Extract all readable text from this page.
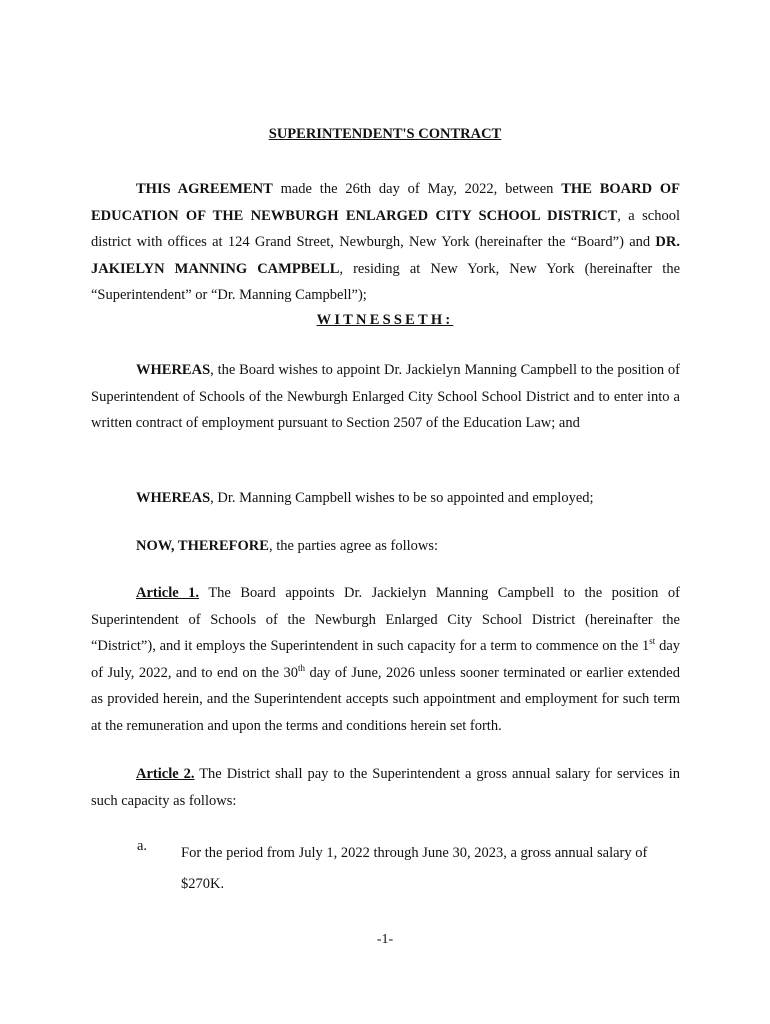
SUPERINTENDENT'S CONTRACT

THIS AGREEMENT made the 26th day of May, 2022, between THE BOARD OF EDUCATION OF THE NEWBURGH ENLARGED CITY SCHOOL DISTRICT, a school district with offices at 124 Grand Street, Newburgh, New York (hereinafter the “Board”) and DR. JAKIELYN MANNING CAMPBELL, residing at New York, New York (hereinafter the “Superintendent” or “Dr. Manning Campbell”);

WITNESSETH:

WHEREAS, the Board wishes to appoint Dr. Jackielyn Manning Campbell to the position of Superintendent of Schools of the Newburgh Enlarged City School School District and to enter into a written contract of employment pursuant to Section 2507 of the Education Law; and

WHEREAS, Dr. Manning Campbell wishes to be so appointed and employed;

NOW, THEREFORE, the parties agree as follows:

Article 1. The Board appoints Dr. Jackielyn Manning Campbell to the position of Superintendent of Schools of the Newburgh Enlarged City School District (hereinafter the “District”), and it employs the Superintendent in such capacity for a term to commence on the 1st day of July, 2022, and to end on the 30th day of June, 2026 unless sooner terminated or earlier extended as provided herein, and the Superintendent accepts such appointment and employment for such term at the remuneration and upon the terms and conditions herein set forth.

Article 2. The District shall pay to the Superintendent a gross annual salary for services in such capacity as follows:

a. For the period from July 1, 2022 through June 30, 2023, a gross annual salary of $270K.
-1-
